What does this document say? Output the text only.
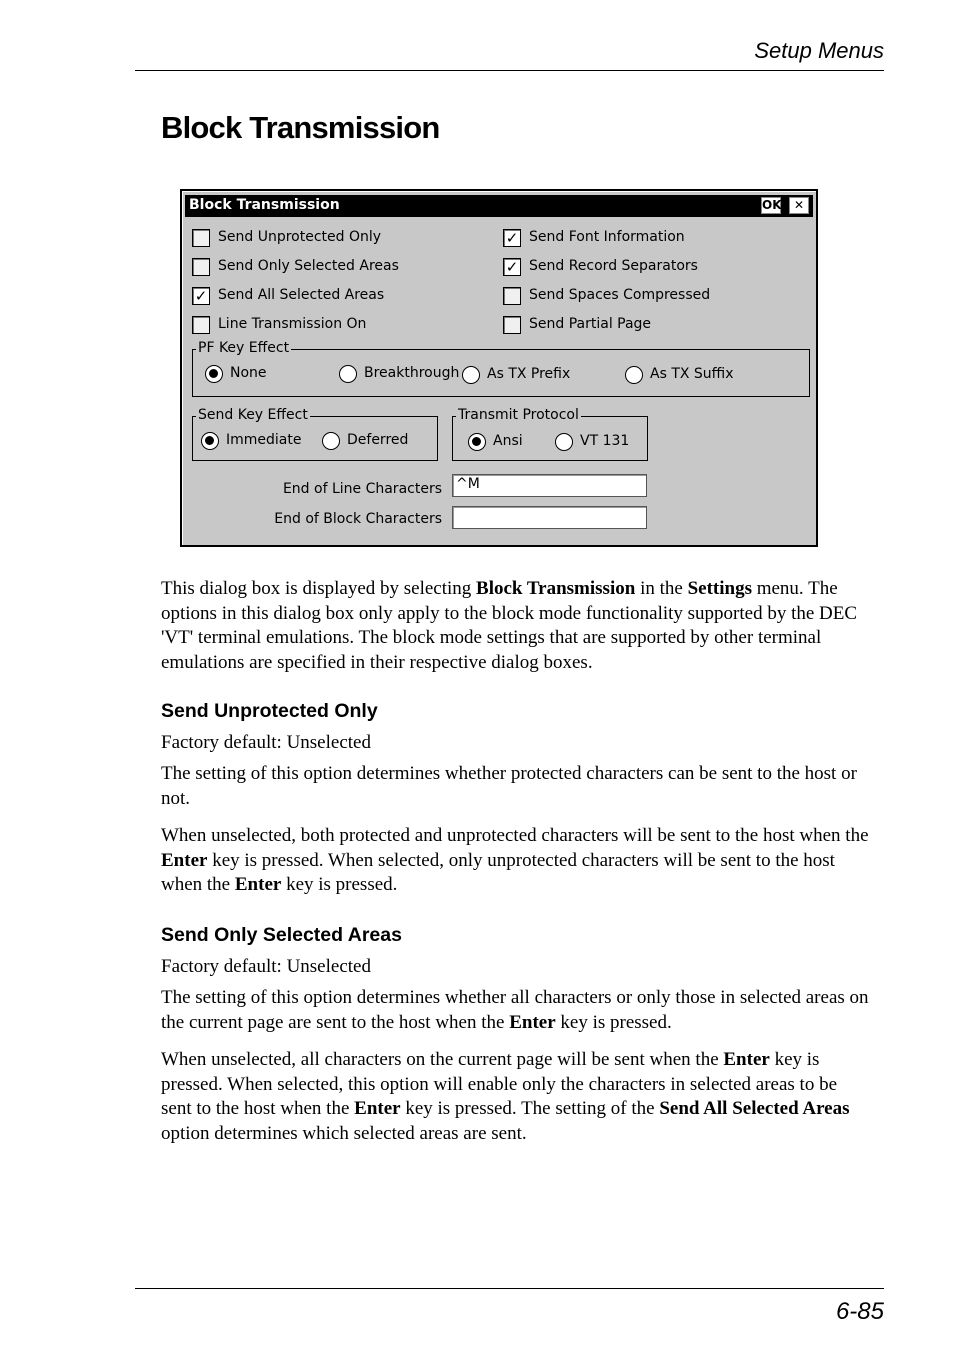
Setup Menus
Block Transmission
Block Transmission	OK	✕
Send Unprotected Only
Send Only Selected Areas
✓ Send All Selected Areas
Line Transmission On
✓ Send Font Information
✓ Send Record Separators
Send Spaces Compressed
Send Partial Page
PF Key Effect
None	Breakthrough As TX Prefix	As TX Suffix
Send Key Effect
Immediate	Deferred
Transmit Protocol
Ansi	VT 131
End of Line Characters ^M
End of Block Characters

This dialog box is displayed by selecting Block Transmission in the Settings menu. The options in this dialog box only apply to the block mode functionality supported by the DEC 'VT' terminal emulations. The block mode settings that are supported by other terminal emulations are specified in their respective dialog boxes.

Send Unprotected Only

Factory default: Unselected

The setting of this option determines whether protected characters can be sent to the host or not.

When unselected, both protected and unprotected characters will be sent to the host when the Enter key is pressed. When selected, only unprotected characters will be sent to the host when the Enter key is pressed.

Send Only Selected Areas

Factory default: Unselected

The setting of this option determines whether all characters or only those in selected areas on the current page are sent to the host when the Enter key is pressed.

When unselected, all characters on the current page will be sent when the Enter key is pressed. When selected, this option will enable only the characters in selected areas to be sent to the host when the Enter key is pressed. The setting of the Send All Selected Areas option determines which selected areas are sent.

6-85
